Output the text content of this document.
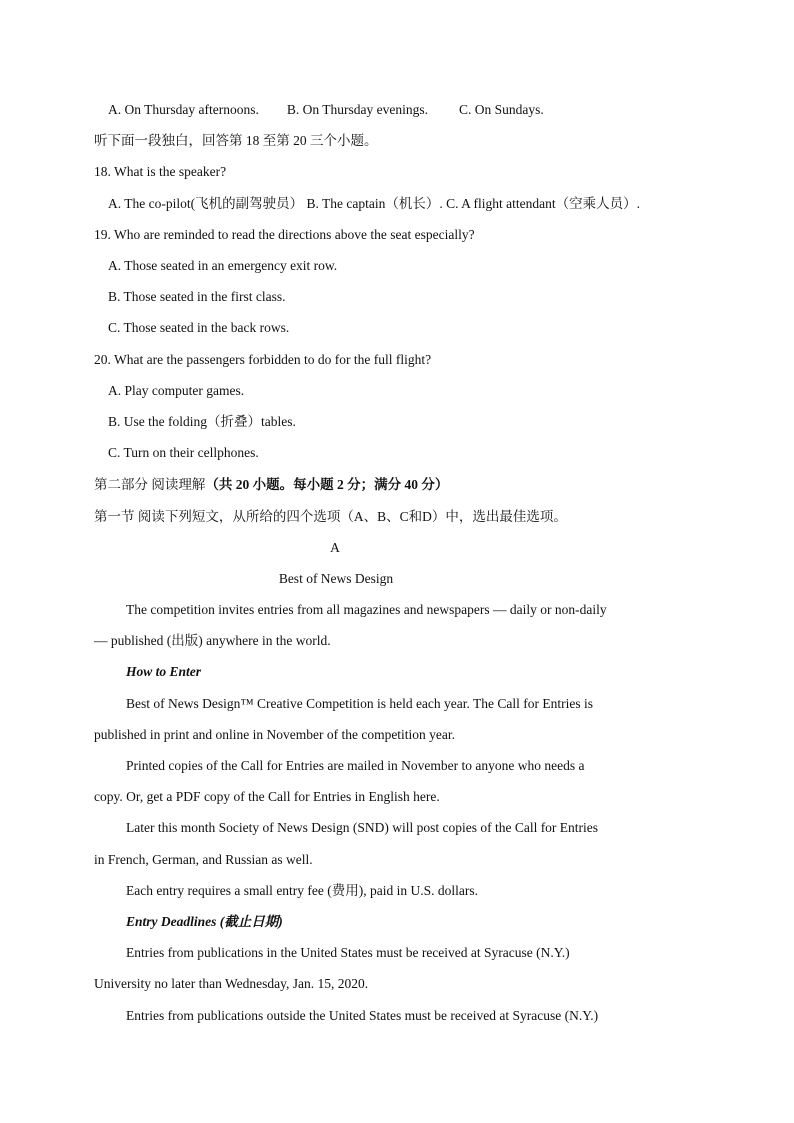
A. On Thursday afternoons. B. On Thursday evenings. C. On Sundays.
听下面一段独白，回答第 18 至第 20 三个小题。
18. What is the speaker?
A. The co-pilot(飞机的副驾驶员） B. The captain（机长）. C. A flight attendant（空乘人员）.
19. Who are reminded to read the directions above the seat especially?
A. Those seated in an emergency exit row.
B. Those seated in the first class.
C. Those seated in the back rows.
20. What are the passengers forbidden to do for the full flight?
A. Play computer games.
B. Use the folding（折叠）tables.
C. Turn on their cellphones.
第二部分 阅读理解（共 20 小题。每小题 2 分；满分 40 分）
第一节 阅读下列短文，从所给的四个选项（A、B、C和D）中，选出最佳选项。
A
Best of News Design
The competition invites entries from all magazines and newspapers — daily or non-daily
— published (出版) anywhere in the world.
How to Enter
Best of News Design™ Creative Competition is held each year. The Call for Entries is
published in print and online in November of the competition year.
Printed copies of the Call for Entries are mailed in November to anyone who needs a
copy. Or, get a PDF copy of the Call for Entries in English here.
Later this month Society of News Design (SND) will post copies of the Call for Entries
in French, German, and Russian as well.
Each entry requires a small entry fee (费用), paid in U.S. dollars.
Entry Deadlines (截止日期)
Entries from publications in the United States must be received at Syracuse (N.Y.)
University no later than Wednesday, Jan. 15, 2020.
Entries from publications outside the United States must be received at Syracuse (N.Y.)
